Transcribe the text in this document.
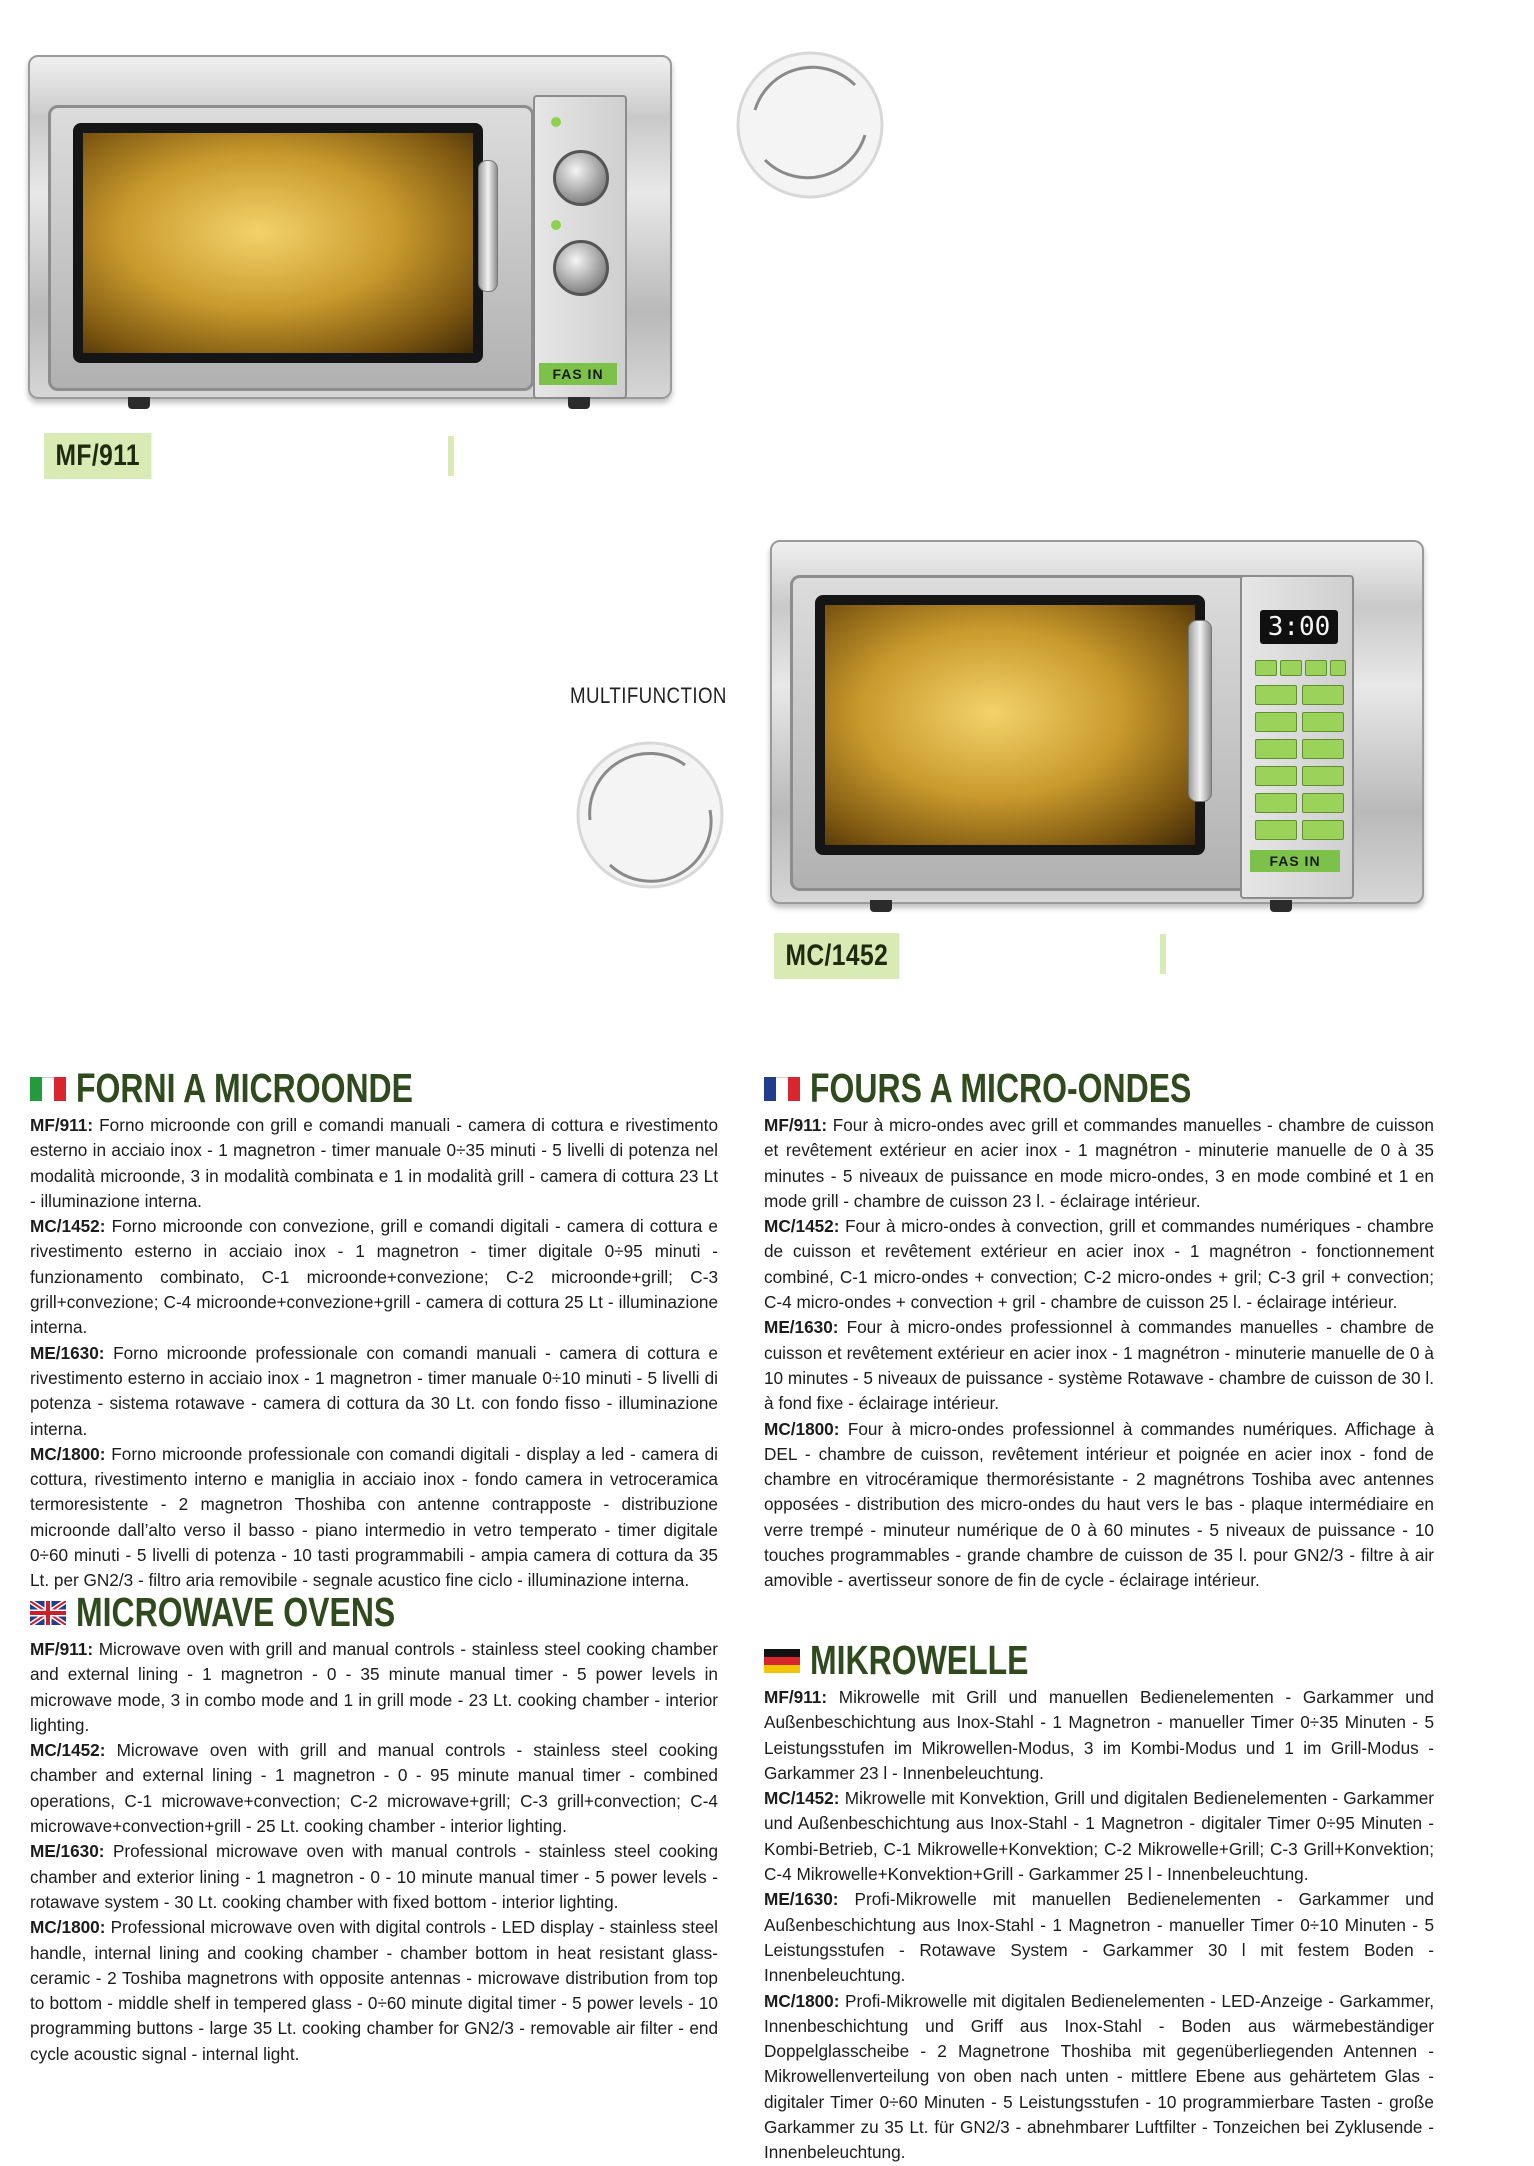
FAS IN
MF/911
MULTIFUNCTION
3:00
FAS IN
MC/1452
FORNI A MICROONDE

MF/911: Forno microonde con grill e comandi manuali - camera di cottura e rivestimento esterno in acciaio inox - 1 magnetron - timer manuale 0÷35 minuti - 5 livelli di potenza nel modalità microonde, 3 in modalità combinata e 1 in modalità grill - camera di cottura 23 Lt - illuminazione interna.

MC/1452: Forno microonde con convezione, grill e comandi digitali - camera di cottura e rivestimento esterno in acciaio inox - 1 magnetron - timer digitale 0÷95 minuti - funzionamento combinato, C-1 microonde+convezione; C-2 microonde+grill; C-3 grill+convezione; C-4 microonde+convezione+grill - camera di cottura 25 Lt - illuminazione interna.

ME/1630: Forno microonde professionale con comandi manuali - camera di cottura e rivestimento esterno in acciaio inox - 1 magnetron - timer manuale 0÷10 minuti - 5 livelli di potenza - sistema rotawave - camera di cottura da 30 Lt. con fondo fisso - illuminazione interna.

MC/1800: Forno microonde professionale con comandi digitali - display a led - camera di cottura, rivestimento interno e maniglia in acciaio inox - fondo camera in vetroceramica termoresistente - 2 magnetron Thoshiba con antenne contrapposte - distribuzione microonde dall’alto verso il basso - piano intermedio in vetro temperato - timer digitale 0÷60 minuti - 5 livelli di potenza - 10 tasti programmabili - ampia camera di cottura da 35 Lt. per GN2/3 - filtro aria removibile - segnale acustico fine ciclo - illuminazione interna.

MICROWAVE OVENS

MF/911: Microwave oven with grill and manual controls - stainless steel cooking chamber and external lining - 1 magnetron - 0 - 35 minute manual timer - 5 power levels in microwave mode, 3 in combo mode and 1 in grill mode - 23 Lt. cooking chamber - interior lighting.

MC/1452: Microwave oven with grill and manual controls - stainless steel cooking chamber and external lining - 1 magnetron - 0 - 95 minute manual timer - combined operations, C-1 microwave+convection; C-2 microwave+grill; C-3 grill+convection; C-4 microwave+convection+grill - 25 Lt. cooking chamber - interior lighting.

ME/1630: Professional microwave oven with manual controls - stainless steel cooking chamber and exterior lining - 1 magnetron - 0 - 10 minute manual timer - 5 power levels - rotawave system - 30 Lt. cooking chamber with fixed bottom - interior lighting.

MC/1800: Professional microwave oven with digital controls - LED display - stainless steel handle, internal lining and cooking chamber - chamber bottom in heat resistant glass-ceramic - 2 Toshiba magnetrons with opposite antennas - microwave distribution from top to bottom - middle shelf in tempered glass - 0÷60 minute digital timer - 5 power levels - 10 programming buttons - large 35 Lt. cooking chamber for GN2/3 - removable air filter - end cycle acoustic signal - internal light.

FOURS A MICRO-ONDES

MF/911: Four à micro-ondes avec grill et commandes manuelles - chambre de cuisson et revêtement extérieur en acier inox - 1 magnétron - minuterie manuelle de 0 à 35 minutes - 5 niveaux de puissance en mode micro-ondes, 3 en mode combiné et 1 en mode grill - chambre de cuisson 23 l. - éclairage intérieur.

MC/1452: Four à micro-ondes à convection, grill et commandes numériques - chambre de cuisson et revêtement extérieur en acier inox - 1 magnétron - fonctionnement combiné, C-1 micro-ondes + convection; C-2 micro-ondes + gril; C-3 gril + convection; C-4 micro-ondes + convection + gril - chambre de cuisson 25 l. - éclairage intérieur.

ME/1630: Four à micro-ondes professionnel à commandes manuelles - chambre de cuisson et revêtement extérieur en acier inox - 1 magnétron - minuterie manuelle de 0 à 10 minutes - 5 niveaux de puissance - système Rotawave - chambre de cuisson de 30 l. à fond fixe - éclairage intérieur.

MC/1800: Four à micro-ondes professionnel à commandes numériques. Affichage à DEL - chambre de cuisson, revêtement intérieur et poignée en acier inox - fond de chambre en vitrocéramique thermorésistante - 2 magnétrons Toshiba avec antennes opposées - distribution des micro-ondes du haut vers le bas - plaque intermédiaire en verre trempé - minuteur numérique de 0 à 60 minutes - 5 niveaux de puissance - 10 touches programmables - grande chambre de cuisson de 35 l. pour GN2/3 - filtre à air amovible - avertisseur sonore de fin de cycle - éclairage intérieur.

MIKROWELLE

MF/911: Mikrowelle mit Grill und manuellen Bedienelementen - Garkammer und Außenbeschichtung aus Inox-Stahl - 1 Magnetron - manueller Timer 0÷35 Minuten - 5 Leistungsstufen im Mikrowellen-Modus, 3 im Kombi-Modus und 1 im Grill-Modus - Garkammer 23 l - Innenbeleuchtung.

MC/1452: Mikrowelle mit Konvektion, Grill und digitalen Bedienelementen - Garkammer und Außenbeschichtung aus Inox-Stahl - 1 Magnetron - digitaler Timer 0÷95 Minuten - Kombi-Betrieb, C-1 Mikrowelle+Konvektion; C-2 Mikrowelle+Grill; C-3 Grill+Konvektion; C-4 Mikrowelle+Konvektion+Grill - Garkammer 25 l - Innenbeleuchtung.

ME/1630: Profi-Mikrowelle mit manuellen Bedienelementen - Garkammer und Außenbeschichtung aus Inox-Stahl - 1 Magnetron - manueller Timer 0÷10 Minuten - 5 Leistungsstufen - Rotawave System - Garkammer 30 l mit festem Boden - Innenbeleuchtung.

MC/1800: Profi-Mikrowelle mit digitalen Bedienelementen - LED-Anzeige - Garkammer, Innenbeschichtung und Griff aus Inox-Stahl - Boden aus wärmebeständiger Doppelglasscheibe - 2 Magnetrone Thoshiba mit gegenüberliegenden Antennen - Mikrowellenverteilung von oben nach unten - mittlere Ebene aus gehärtetem Glas - digitaler Timer 0÷60 Minuten - 5 Leistungsstufen - 10 programmierbare Tasten - große Garkammer zu 35 Lt. für GN2/3 - abnehmbarer Luftfilter - Tonzeichen bei Zyklusende - Innenbeleuchtung.
